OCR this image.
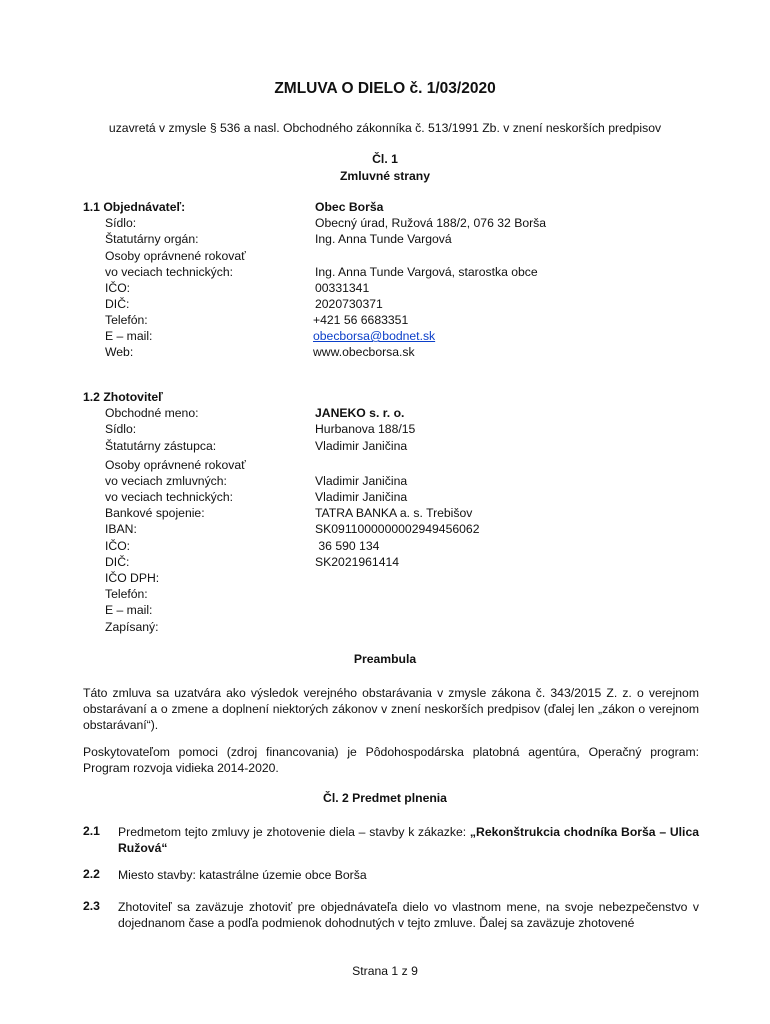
ZMLUVA O DIELO č. 1/03/2020
uzavretá v zmysle § 536 a nasl. Obchodného zákonníka č. 513/1991 Zb. v znení neskorších predpisov
Čl. 1
Zmluvné strany
1.1 Objednávateľ:	Obec Borša
Sídlo:	Obecný úrad, Ružová 188/2, 076 32 Borša
Štatutárny orgán:	Ing. Anna Tunde Vargová
Osoby oprávnené rokovať
vo veciach technických:	Ing. Anna Tunde Vargová, starostka obce
IČO:	00331341
DIČ:	2020730371
Telefón:	+421 56 6683351
E – mail:	obecborsa@bodnet.sk
Web:	www.obecborsa.sk
1.2 Zhotoviteľ
Obchodné meno:	JANEKO s. r. o.
Sídlo:	Hurbanova 188/15
Štatutárny zástupca:	Vladimir Janičina
Osoby oprávnené rokovať
vo veciach zmluvných:	Vladimir Janičina
vo veciach technických:	Vladimir Janičina
Bankové spojenie:	TATRA BANKA a. s. Trebišov
IBAN:	SK0911000000002949456062
IČO:	36 590 134
DIČ:	SK2021961414
IČO DPH:
Telefón:
E – mail:
Zapísaný:
Preambula
Táto zmluva sa uzatvára ako výsledok verejného obstarávania v zmysle zákona č. 343/2015 Z. z. o verejnom obstarávaní a o zmene a doplnení niektorých zákonov v znení neskorších predpisov (ďalej len „zákon o verejnom obstarávaní“).
Poskytovateľom pomoci (zdroj financovania) je Pôdohospodárska platobná agentúra, Operačný program: Program rozvoja vidieka 2014-2020.
Čl. 2 Predmet plnenia
2.1 Predmetom tejto zmluvy je zhotovenie diela – stavby k zákazke: „Rekonštrukcia chodníka Borša – Ulica Ružová“
2.2 Miesto stavby: katastrálne územie obce Borša
2.3 Zhotoviteľ sa zaväzuje zhotoviť pre objednávateľa dielo vo vlastnom mene, na svoje nebezpečenstvo v dojednanom čase a podľa podmienok dohodnutých v tejto zmluve. Ďalej sa zaväzuje zhotovené
Strana 1 z 9
